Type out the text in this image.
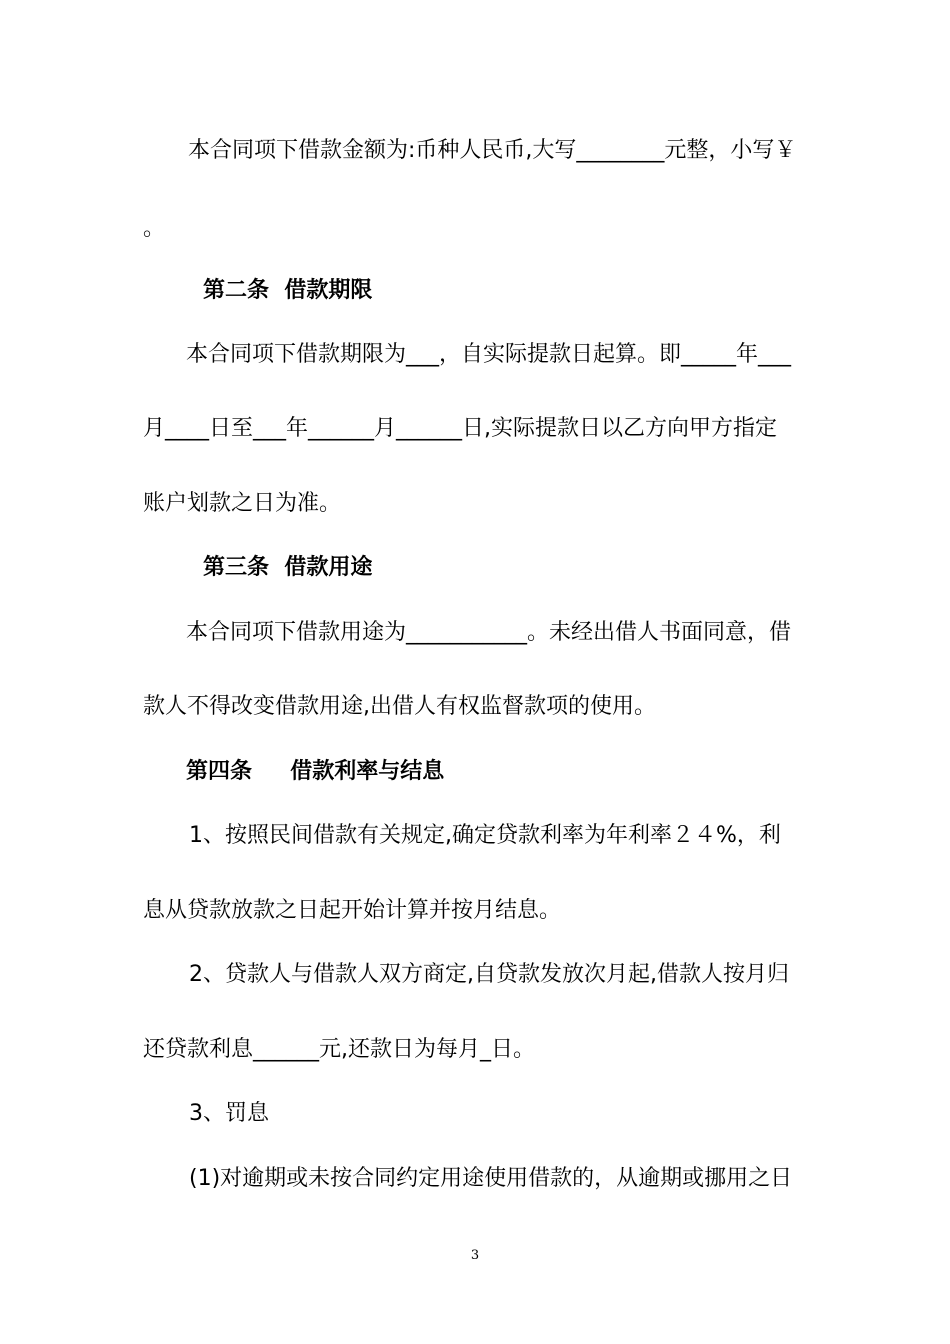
本合同项下借款金额为:币种人民币,大写________元整，小写￥
。
第二条  借款期限
本合同项下借款期限为___，自实际提款日起算。即_____年___
月____日至___年______月______日,实际提款日以乙方向甲方指定
账户划款之日为准。
第三条  借款用途
本合同项下借款用途为___________。未经出借人书面同意，借
款人不得改变借款用途,出借人有权监督款项的使用。
第四条     借款利率与结息
1、按照民间借款有关规定,确定贷款利率为年利率２４%，利
息从贷款放款之日起开始计算并按月结息。
2、贷款人与借款人双方商定,自贷款发放次月起,借款人按月归
还贷款利息______元,还款日为每月_日。
3、罚息
(1)对逾期或未按合同约定用途使用借款的，从逾期或挪用之日
3
